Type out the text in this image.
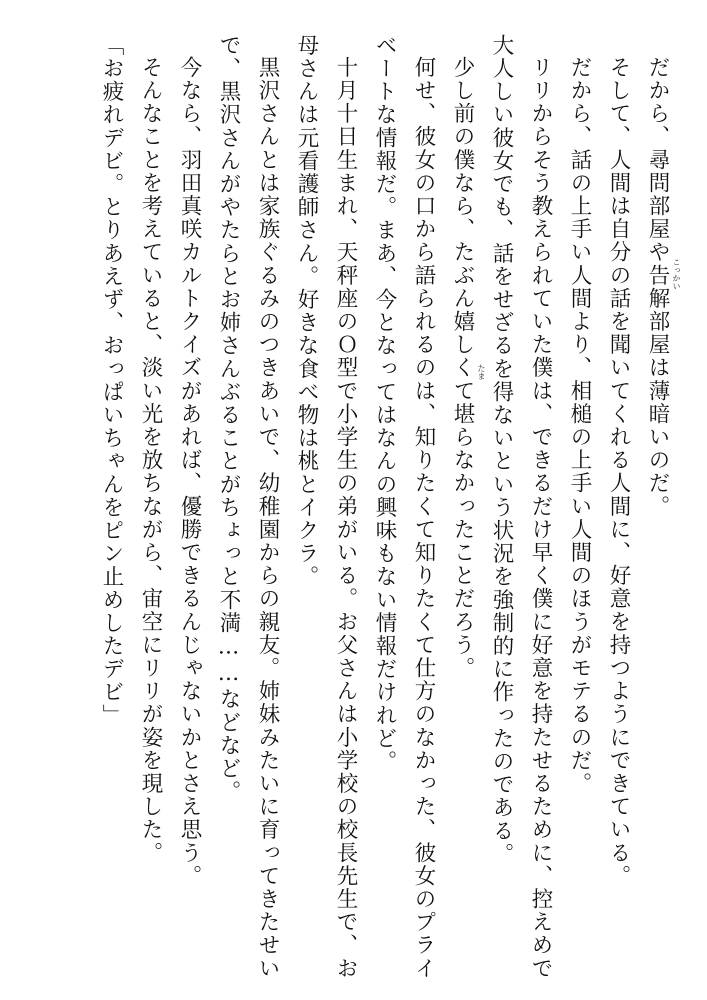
だから、尋問部屋や告解部屋は薄暗いのだ。
そして、人間は自分の話を聞いてくれる人間に、好意を持つようにできている。
だから、話の上手い人間より、相槌の上手い人間のほうがモテるのだ。
リリからそう教えられていた僕は、できるだけ早く僕に好意を持たせるために、控えめで
大人しい彼女でも、話をせざるを得ないという状況を強制的に作ったのである。
少し前の僕なら、たぶん嬉しくて堪らなかったことだろう。
何せ、彼女の口から語られるのは、知りたくて知りたくて仕方のなかった、彼女のプライ
ベートな情報だ。まあ、今となってはなんの興味もない情報だけれど。
十月十日生まれ、天秤座のＯ型で小学生の弟がいる。お父さんは小学校の校長先生で、お
母さんは元看護師さん。好きな食べ物は桃とイクラ。
黒沢さんとは家族ぐるみのつきあいで、幼稚園からの親友。姉妹みたいに育ってきたせい
で、黒沢さんがやたらとお姉さんぶることがちょっと不満……などなど。
今なら、羽田真咲カルトクイズがあれば、優勝できるんじゃないかとさえ思う。
そんなことを考えていると、淡い光を放ちながら、宙空にリリが姿を現した。
「お疲れデビ。とりあえず、おっぱいちゃんをピン止めしたデビ」	こっかい
たま
